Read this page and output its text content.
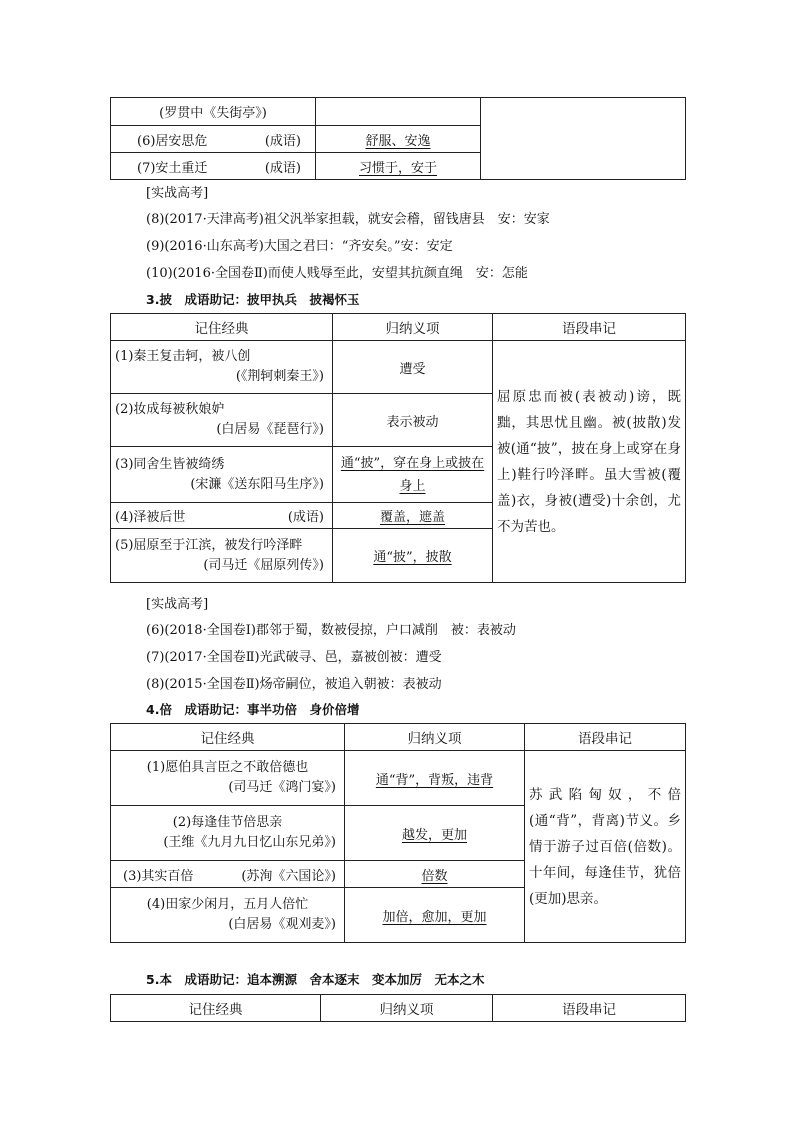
(罗贯中《失街亭》)		
(6)居安思危 (成语)	舒服、安逸	
(7)安土重迁 (成语)	习惯于，安于	
[实战高考]
(8)(2017·天津高考)祖父汎举家担载，就安会稽，留钱唐县　安：安家
(9)(2016·山东高考)大国之君曰：“齐安矣。”安：安定
(10)(2016·全国卷Ⅱ)而使人贱辱至此，安望其抗颜直绳　安：怎能
3.披　成语助记：披甲执兵　披褐怀玉
记住经典	归纳义项	语段串记

(1)秦王复击轲，被八创
(《荆轲刺秦王》)	遭受	屈原忠而被(表被动)谤，既黜，其思忧且幽。被(披散)发被(通“披”，披在身上或穿在身上)鞋行吟泽畔。虽大雪被(覆盖)衣，身被(遭受)十余创，尤不为苦也。

(2)妆成每被秋娘妒
(白居易《琵琶行》)	表示被动	

(3)同舍生皆被绮绣
(宋濂《送东阳马生序》)	通“披”，穿在身上或披在身上	
(4)泽被后世 (成语)	覆盖，遮盖	

(5)屈原至于江滨，被发行吟泽畔
(司马迁《屈原列传》)	通“披”，披散	
[实战高考]
(6)(2018·全国卷Ⅰ)郡邻于蜀，数被侵掠，户口减削　被：表被动
(7)(2017·全国卷Ⅱ)光武破寻、邑，嘉被创被：遭受
(8)(2015·全国卷Ⅱ)炀帝嗣位，被追入朝被：表被动
4.倍　成语助记：事半功倍　身价倍增
记住经典	归纳义项	语段串记

(1)愿伯具言臣之不敢倍德也
(司马迁《鸿门宴》)	通“背”，背叛，违背	苏武陷匈奴，不倍(通“背”，背离)节义。乡情于游子过百倍(倍数)。十年间，每逢佳节，犹倍(更加)思亲。

(2)每逢佳节倍思亲
(王维《九月九日忆山东兄弟》)	越发，更加	
(3)其实百倍 (苏洵《六国论》)	倍数	

(4)田家少闲月，五月人倍忙
(白居易《观刈麦》)	加倍，愈加，更加	
5.本　成语助记：追本溯源　舍本逐末　变本加厉　无本之木
记住经典	归纳义项	语段串记
